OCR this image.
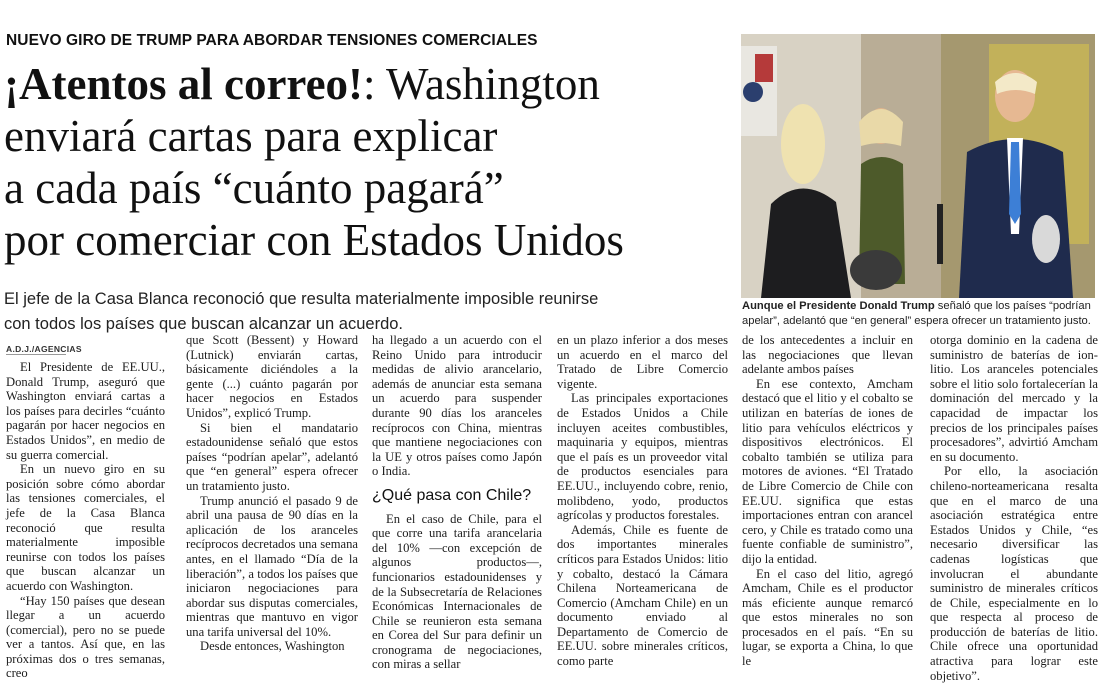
NUEVO GIRO DE TRUMP PARA ABORDAR TENSIONES COMERCIALES
¡Atentos al correo!: Washington
enviará cartas para explicar
a cada país “cuánto pagará”
por comerciar con Estados Unidos
El jefe de la Casa Blanca reconoció que resulta materialmente imposible reunirse
con todos los países que buscan alcanzar un acuerdo.
Aunque el Presidente Donald Trump señaló que los países “podrían apelar”, adelantó que “en general” espera ofrecer un tratamiento justo.
A.D.J./AGENCIAS

El Presidente de EE.UU., Donald Trump, aseguró que Washington enviará cartas a los países para decirles “cuánto pagarán por hacer negocios en Estados Unidos”, en medio de su guerra comercial.

En un nuevo giro en su posición sobre cómo abordar las tensiones comerciales, el jefe de la Casa Blanca reconoció que resulta materialmente imposible reunirse con todos los países que buscan alcanzar un acuerdo con Washington.

“Hay 150 países que desean llegar a un acuerdo (comercial), pero no se puede ver a tantos. Así que, en las próximas dos o tres semanas, creo

que Scott (Bessent) y Howard (Lutnick) enviarán cartas, básicamente diciéndoles a la gente (...) cuánto pagarán por hacer negocios en Estados Unidos”, explicó Trump.

Si bien el mandatario estadounidense señaló que estos países “podrían apelar”, adelantó que “en general” espera ofrecer un tratamiento justo.

Trump anunció el pasado 9 de abril una pausa de 90 días en la aplicación de los aranceles recíprocos decretados una semana antes, en el llamado “Día de la liberación”, a todos los países que iniciaron negociaciones para abordar sus disputas comerciales, mientras que mantuvo en vigor una tarifa universal del 10%.

Desde entonces, Washington

ha llegado a un acuerdo con el Reino Unido para introducir medidas de alivio arancelario, además de anunciar esta semana un acuerdo para suspender durante 90 días los aranceles recíprocos con China, mientras que mantiene negociaciones con la UE y otros países como Japón o India.

¿Qué pasa con Chile?

En el caso de Chile, para el que corre una tarifa arancelaria del 10% —con excepción de algunos productos—, funcionarios estadounidenses y de la Subsecretaría de Relaciones Económicas Internacionales de Chile se reunieron esta semana en Corea del Sur para definir un cronograma de negociaciones, con miras a sellar

en un plazo inferior a dos meses un acuerdo en el marco del Tratado de Libre Comercio vigente.

Las principales exportaciones de Estados Unidos a Chile incluyen aceites combustibles, maquinaria y equipos, mientras que el país es un proveedor vital de productos esenciales para EE.UU., incluyendo cobre, renio, molibdeno, yodo, productos agrícolas y productos forestales.

Además, Chile es fuente de dos importantes minerales críticos para Estados Unidos: litio y cobalto, destacó la Cámara Chilena Norteamericana de Comercio (Amcham Chile) en un documento enviado al Departamento de Comercio de EE.UU. sobre minerales críticos, como parte

de los antecedentes a incluir en las negociaciones que llevan adelante ambos países

En ese contexto, Amcham destacó que el litio y el cobalto se utilizan en baterías de iones de litio para vehículos eléctricos y dispositivos electrónicos. El cobalto también se utiliza para motores de aviones. “El Tratado de Libre Comercio de Chile con EE.UU. significa que estas importaciones entran con arancel cero, y Chile es tratado como una fuente confiable de suministro”, dijo la entidad.

En el caso del litio, agregó Amcham, Chile es el productor más eficiente aunque remarcó que estos minerales no son procesados en el país. “En su lugar, se exporta a China, lo que le

otorga dominio en la cadena de suministro de baterías de ion-litio. Los aranceles potenciales sobre el litio solo fortalecerían la dominación del mercado y la capacidad de impactar los precios de los principales países procesadores”, advirtió Amcham en su documento.

Por ello, la asociación chileno-norteamericana resalta que en el marco de una asociación estratégica entre Estados Unidos y Chile, “es necesario diversificar las cadenas logísticas que involucran el abundante suministro de minerales críticos de Chile, especialmente en lo que respecta al proceso de producción de baterías de litio. Chile ofrece una oportunidad atractiva para lograr este objetivo”.
